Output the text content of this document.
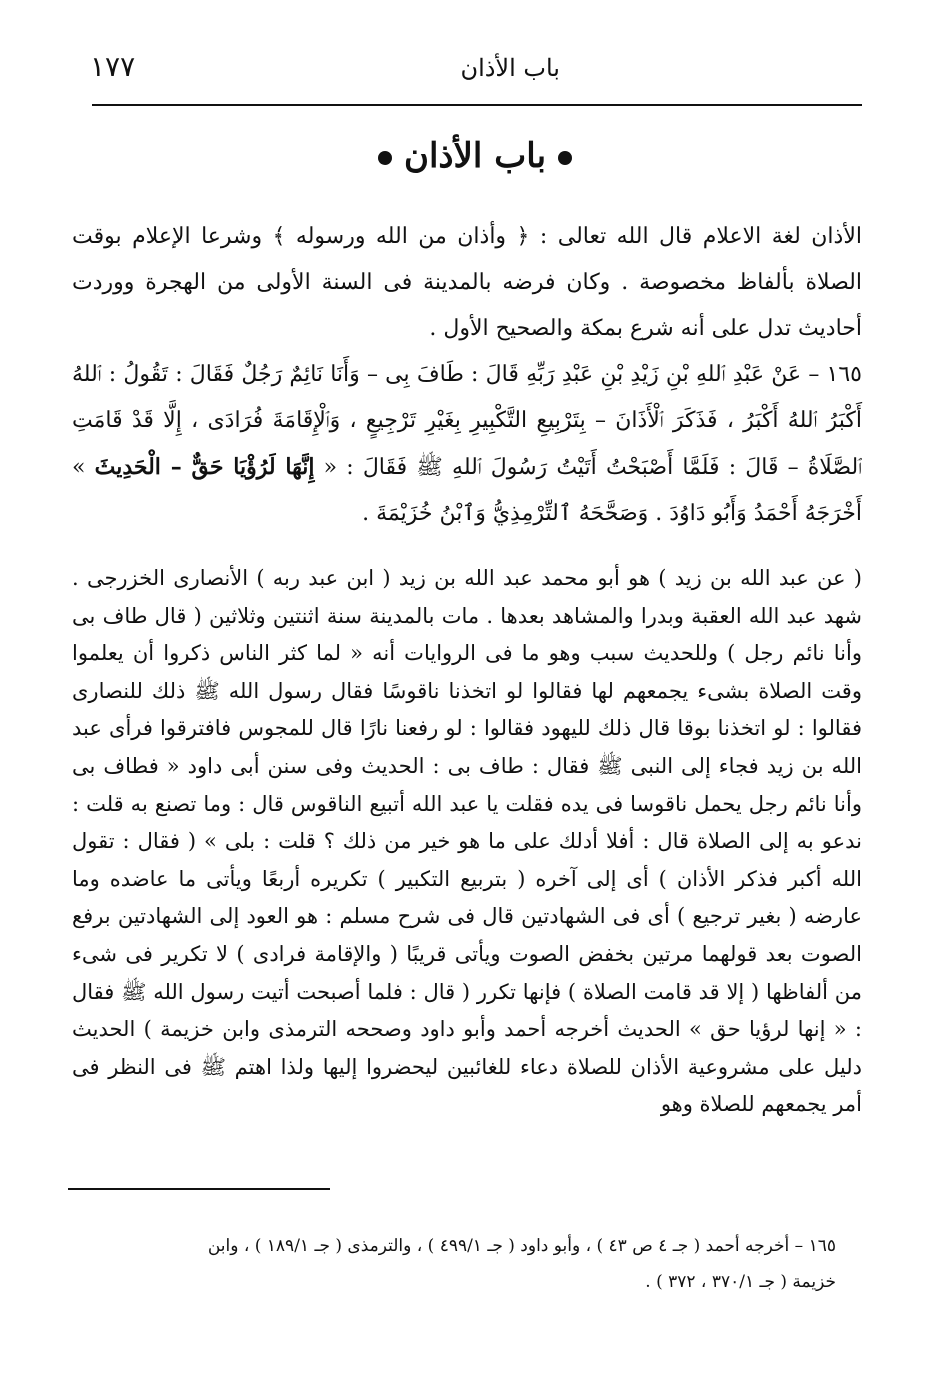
باب الأذان
١٧٧
باب الأذان
الأذان لغة الاعلام قال الله تعالى : ﴿ وأذان من الله ورسوله ﴾ وشرعا الإعلام بوقت الصلاة بألفاظ مخصوصة . وكان فرضه بالمدينة فى السنة الأولى من الهجرة ووردت أحاديث تدل على أنه شرع بمكة والصحيح الأول .
١٦٥ – عَنْ عَبْدِ ٱللهِ بْنِ زَيْدِ بْنِ عَبْدِ رَبِّهِ قَالَ : طَافَ بِى – وَأَنَا نَائِمٌ رَجُلٌ فَقَالَ : تَقُولُ : ٱللهُ أَكْبَرُ ٱللهُ أَكْبَرُ ، فَذَكَرَ ٱلْأَذَانَ – بِتَرْبِيعِ التَّكْبِيرِ بِغَيْرِ تَرْجِيعٍ ، وَٱلْإِقَامَةَ فُرَادَى ، إِلَّا قَدْ قَامَتِ ٱلصَّلَاةُ – قَالَ : فَلَمَّا أَصْبَحْتُ أَتَيْتُ رَسُولَ ٱللهِ ﷺ فَقَالَ : « إِنَّهَا لَرُؤْيَا حَقٌّ – الْحَدِيثَ » أَخْرَجَهُ أَحْمَدُ وَأَبُو دَاوُدَ . وَصَحَّحَهُ ٱلتِّرْمِذِيُّ وَٱبْنُ خُزَيْمَةَ .
( عن عبد الله بن زيد ) هو أبو محمد عبد الله بن زيد ( ابن عبد ربه ) الأنصارى الخزرجى . شهد عبد الله العقبة وبدرا والمشاهد بعدها . مات بالمدينة سنة اثنتين وثلاثين ( قال طاف بى وأنا نائم رجل ) وللحديث سبب وهو ما فى الروايات أنه « لما كثر الناس ذكروا أن يعلموا وقت الصلاة بشىء يجمعهم لها فقالوا لو اتخذنا ناقوسًا فقال رسول الله ﷺ ذلك للنصارى فقالوا : لو اتخذنا بوقا قال ذلك لليهود فقالوا : لو رفعنا نارًا قال للمجوس فافترقوا فرأى عبد الله بن زيد فجاء إلى النبى ﷺ فقال : طاف بى : الحديث وفى سنن أبى داود « فطاف بى وأنا نائم رجل يحمل ناقوسا فى يده فقلت يا عبد الله أتبيع الناقوس قال : وما تصنع به قلت : ندعو به إلى الصلاة قال : أفلا أدلك على ما هو خير من ذلك ؟ قلت : بلى » ( فقال : تقول الله أكبر فذكر الأذان ) أى إلى آخره ( بتربيع التكبير ) تكريره أربعًا ويأتى ما عاضده وما عارضه ( بغير ترجيع ) أى فى الشهادتين قال فى شرح مسلم : هو العود إلى الشهادتين برفع الصوت بعد قولهما مرتين بخفض الصوت ويأتى قريبًا ( والإقامة فرادى ) لا تكرير فى شىء من ألفاظها ( إلا قد قامت الصلاة ) فإنها تكرر ( قال : فلما أصبحت أتيت رسول الله ﷺ فقال : « إنها لرؤيا حق » الحديث أخرجه أحمد وأبو داود وصححه الترمذى وابن خزيمة ) الحديث دليل على مشروعية الأذان للصلاة دعاء للغائبين ليحضروا إليها ولذا اهتم ﷺ فى النظر فى أمر يجمعهم للصلاة وهو
١٦٥ – أخرجه أحمد ( جـ ٤ ص ٤٣ ) ، وأبو داود ( جـ ٤٩٩/١ ) ، والترمذى ( جـ ١٨٩/١ ) ، وابن
خزيمة ( جـ ٣٧٠/١ ، ٣٧٢ ) .
